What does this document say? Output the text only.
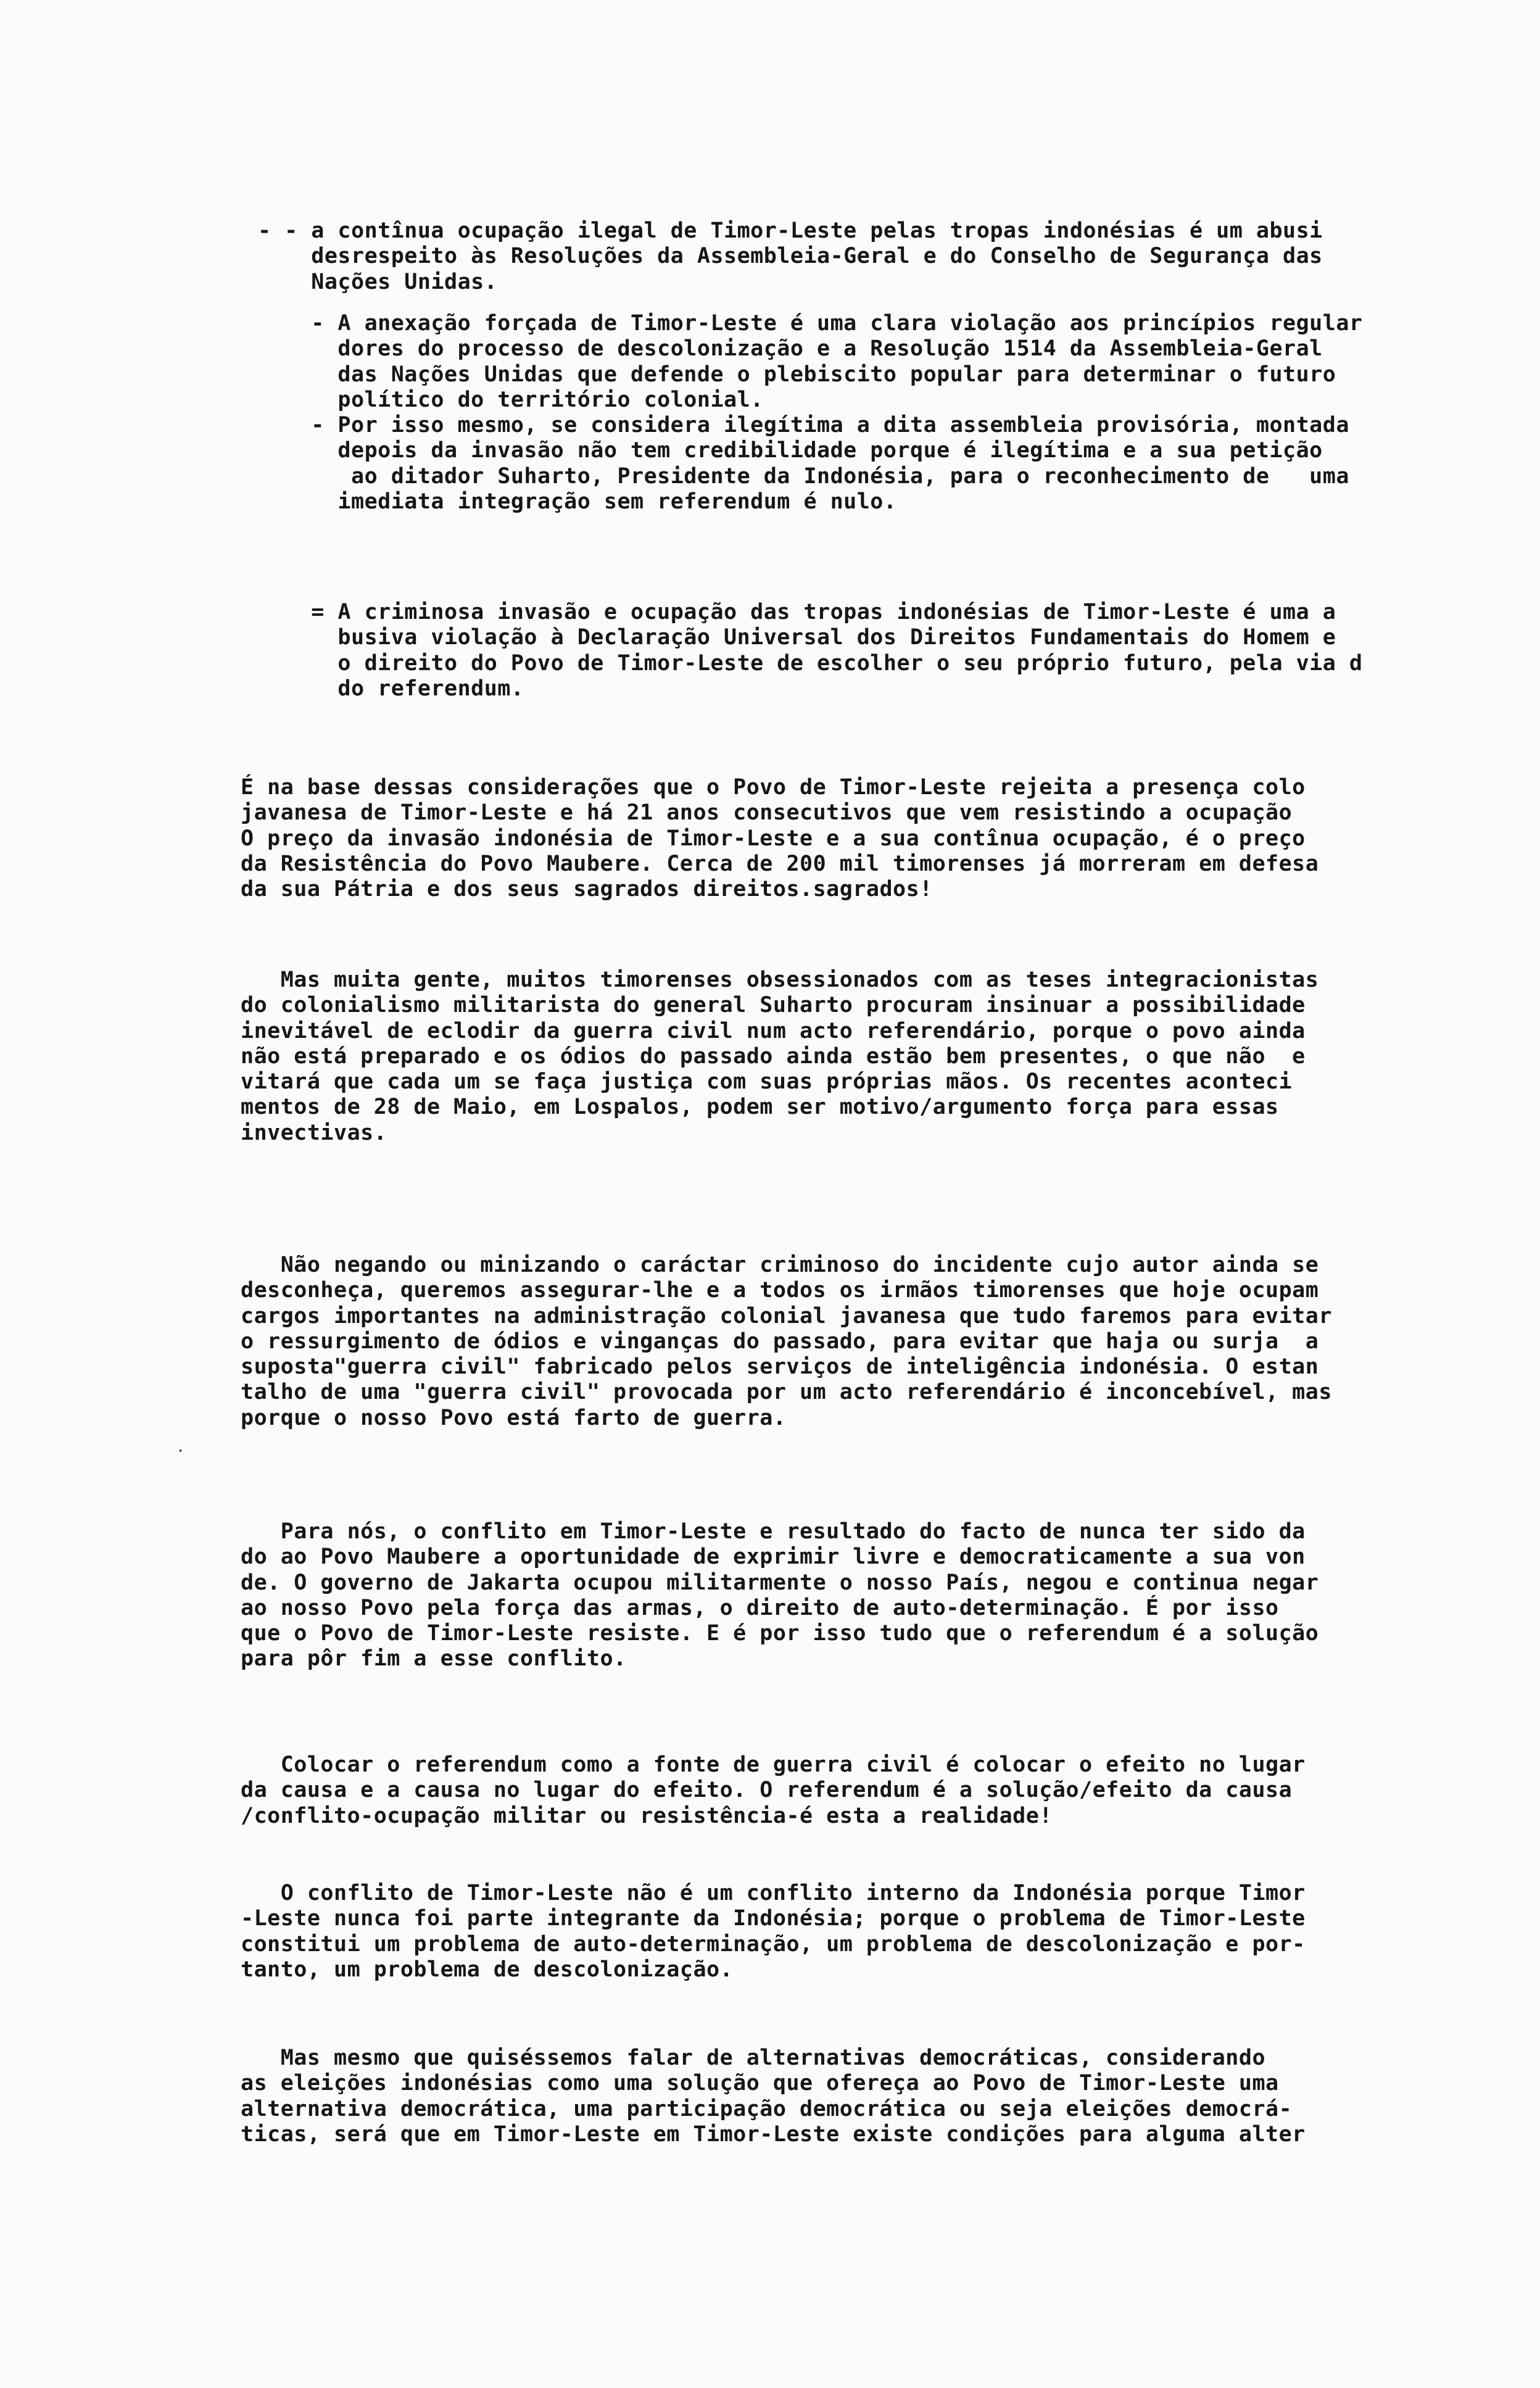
- - a contînua ocupação ilegal de Timor-Leste pelas tropas indonésias é um abusi
desrespeito às Resoluções da Assembleia-Geral e do Conselho de Segurança das
Nações Unidas.
- A anexação forçada de Timor-Leste é uma clara violação aos princípios regular
dores do processo de descolonização e a Resolução 1514 da Assembleia-Geral
das Nações Unidas que defende o plebiscito popular para determinar o futuro
político do território colonial.
- Por isso mesmo, se considera ilegítima a dita assembleia provisória, montada
depois da invasão não tem credibilidade porque é ilegítima e a sua petição
ao ditador Suharto, Presidente da Indonésia, para o reconhecimento de   uma
imediata integração sem referendum é nulo.
= A criminosa invasão e ocupação das tropas indonésias de Timor-Leste é uma a
busiva violação à Declaração Universal dos Direitos Fundamentais do Homem e
o direito do Povo de Timor-Leste de escolher o seu próprio futuro, pela via d
do referendum.
É na base dessas considerações que o Povo de Timor-Leste rejeita a presença colo
javanesa de Timor-Leste e há 21 anos consecutivos que vem resistindo a ocupação
O preço da invasão indonésia de Timor-Leste e a sua contînua ocupação, é o preço
da Resistência do Povo Maubere. Cerca de 200 mil timorenses já morreram em defesa
da sua Pátria e dos seus sagrados direitos.sagrados!
Mas muita gente, muitos timorenses obsessionados com as teses integracionistas
do colonialismo militarista do general Suharto procuram insinuar a possibilidade
inevitável de eclodir da guerra civil num acto referendário, porque o povo ainda
não está preparado e os ódios do passado ainda estão bem presentes, o que não  e
vitará que cada um se faça justiça com suas próprias mãos. Os recentes aconteci
mentos de 28 de Maio, em Lospalos, podem ser motivo/argumento força para essas
invectivas.
Não negando ou minizando o caráctar criminoso do incidente cujo autor ainda se
desconheça, queremos assegurar-lhe e a todos os irmãos timorenses que hoje ocupam
cargos importantes na administração colonial javanesa que tudo faremos para evitar
o ressurgimento de ódios e vinganças do passado, para evitar que haja ou surja  a
suposta"guerra civil" fabricado pelos serviços de inteligência indonésia. O estan
talho de uma "guerra civil" provocada por um acto referendário é inconcebível, mas
porque o nosso Povo está farto de guerra.
Para nós, o conflito em Timor-Leste e resultado do facto de nunca ter sido da
do ao Povo Maubere a oportunidade de exprimir livre e democraticamente a sua von
de. O governo de Jakarta ocupou militarmente o nosso País, negou e continua negar
ao nosso Povo pela força das armas, o direito de auto-determinação. É por isso
que o Povo de Timor-Leste resiste. E é por isso tudo que o referendum é a solução
para pôr fim a esse conflito.
Colocar o referendum como a fonte de guerra civil é colocar o efeito no lugar
da causa e a causa no lugar do efeito. O referendum é a solução/efeito da causa
/conflito-ocupação militar ou resistência-é esta a realidade!
O conflito de Timor-Leste não é um conflito interno da Indonésia porque Timor
-Leste nunca foi parte integrante da Indonésia; porque o problema de Timor-Leste
constitui um problema de auto-determinação, um problema de descolonização e por-
tanto, um problema de descolonização.
Mas mesmo que quiséssemos falar de alternativas democráticas, considerando
as eleições indonésias como uma solução que ofereça ao Povo de Timor-Leste uma
alternativa democrática, uma participação democrática ou seja eleições democrá-
ticas, será que em Timor-Leste em Timor-Leste existe condições para alguma alter
·
